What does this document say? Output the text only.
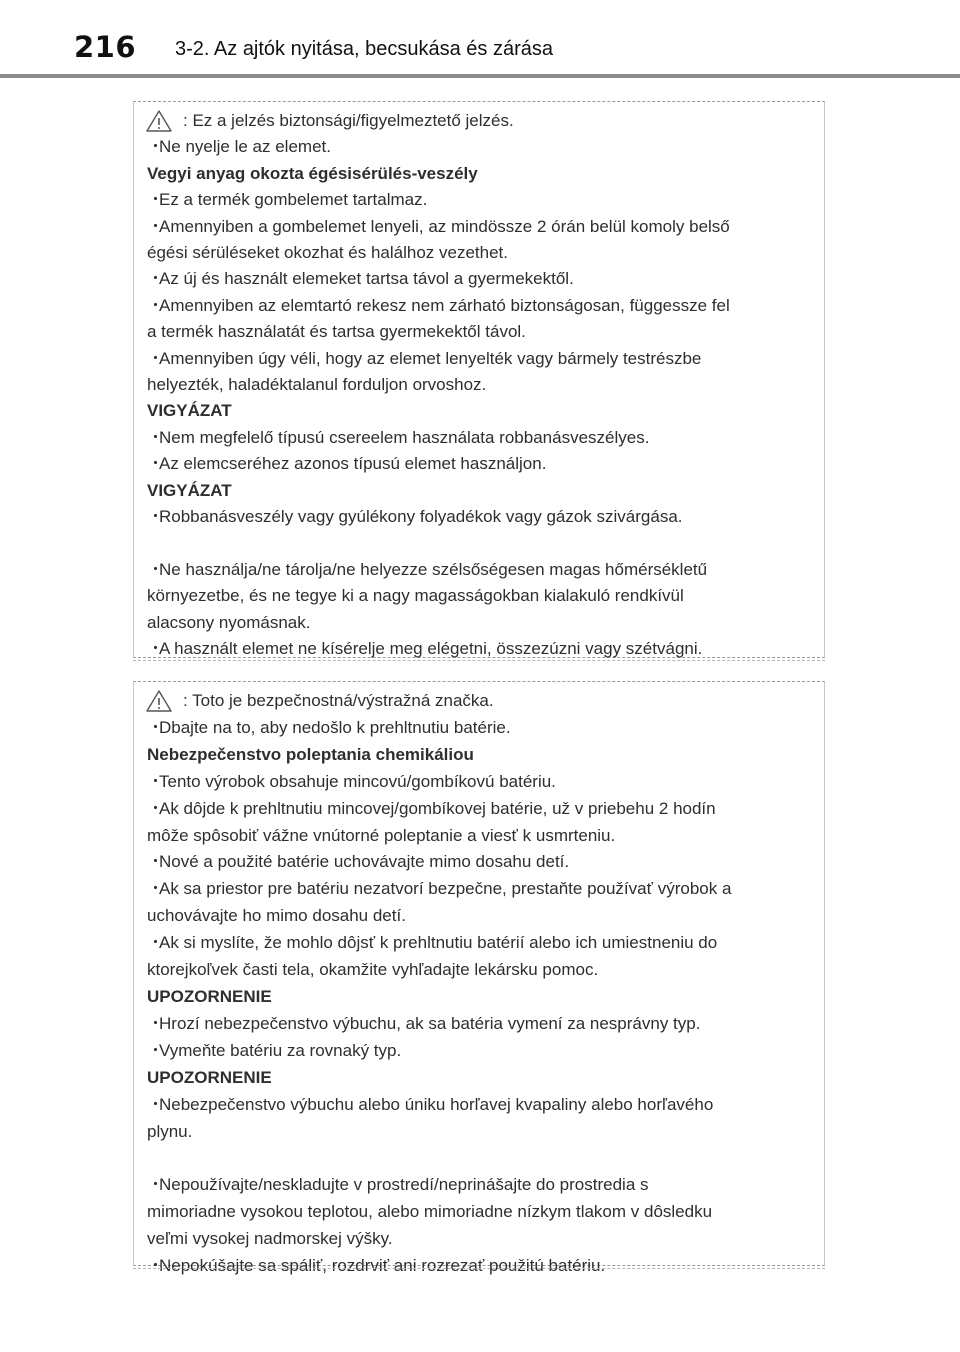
216 3-2. Az ajtók nyitása, becsukása és zárása
: Ez a jelzés biztonsági/figyelmeztető jelzés.
・Ne nyelje le az elemet.
Vegyi anyag okozta égésisérülés-veszély
・Ez a termék gombelemet tartalmaz.
・Amennyiben a gombelemet lenyeli, az mindössze 2 órán belül komoly belső
égési sérüléseket okozhat és halálhoz vezethet.
・Az új és használt elemeket tartsa távol a gyermekektől.
・Amennyiben az elemtartó rekesz nem zárható biztonságosan, függessze fel
a termék használatát és tartsa gyermekektől távol.
・Amennyiben úgy véli, hogy az elemet lenyelték vagy bármely testrészbe
helyezték, haladéktalanul forduljon orvoshoz.
VIGYÁZAT
・Nem megfelelő típusú csereelem használata robbanásveszélyes.
・Az elemcseréhez azonos típusú elemet használjon.
VIGYÁZAT
・Robbanásveszély vagy gyúlékony folyadékok vagy gázok szivárgása.
・Ne használja/ne tárolja/ne helyezze szélsőségesen magas hőmérsékletű
környezetbe, és ne tegye ki a nagy magasságokban kialakuló rendkívül
alacsony nyomásnak.
・A használt elemet ne kísérelje meg elégetni, összezúzni vagy szétvágni.
: Toto je bezpečnostná/výstražná značka.
・Dbajte na to, aby nedošlo k prehltnutiu batérie.
Nebezpečenstvo poleptania chemikáliou
・Tento výrobok obsahuje mincovú/gombíkovú batériu.
・Ak dôjde k prehltnutiu mincovej/gombíkovej batérie, už v priebehu 2 hodín
môže spôsobiť vážne vnútorné poleptanie a viesť k usmrteniu.
・Nové a použité batérie uchovávajte mimo dosahu detí.
・Ak sa priestor pre batériu nezatvorí bezpečne, prestaňte používať výrobok a
uchovávajte ho mimo dosahu detí.
・Ak si myslíte, že mohlo dôjsť k prehltnutiu batérií alebo ich umiestneniu do
ktorejkoľvek časti tela, okamžite vyhľadajte lekársku pomoc.
UPOZORNENIE
・Hrozí nebezpečenstvo výbuchu, ak sa batéria vymení za nesprávny typ.
・Vymeňte batériu za rovnaký typ.
UPOZORNENIE
・Nebezpečenstvo výbuchu alebo úniku horľavej kvapaliny alebo horľavého
plynu.
・Nepoužívajte/neskladujte v prostredí/neprinášajte do prostredia s
mimoriadne vysokou teplotou, alebo mimoriadne nízkym tlakom v dôsledku
veľmi vysokej nadmorskej výšky.
・Nepokúšajte sa spáliť, rozdrviť ani rozrezať použitú batériu.
